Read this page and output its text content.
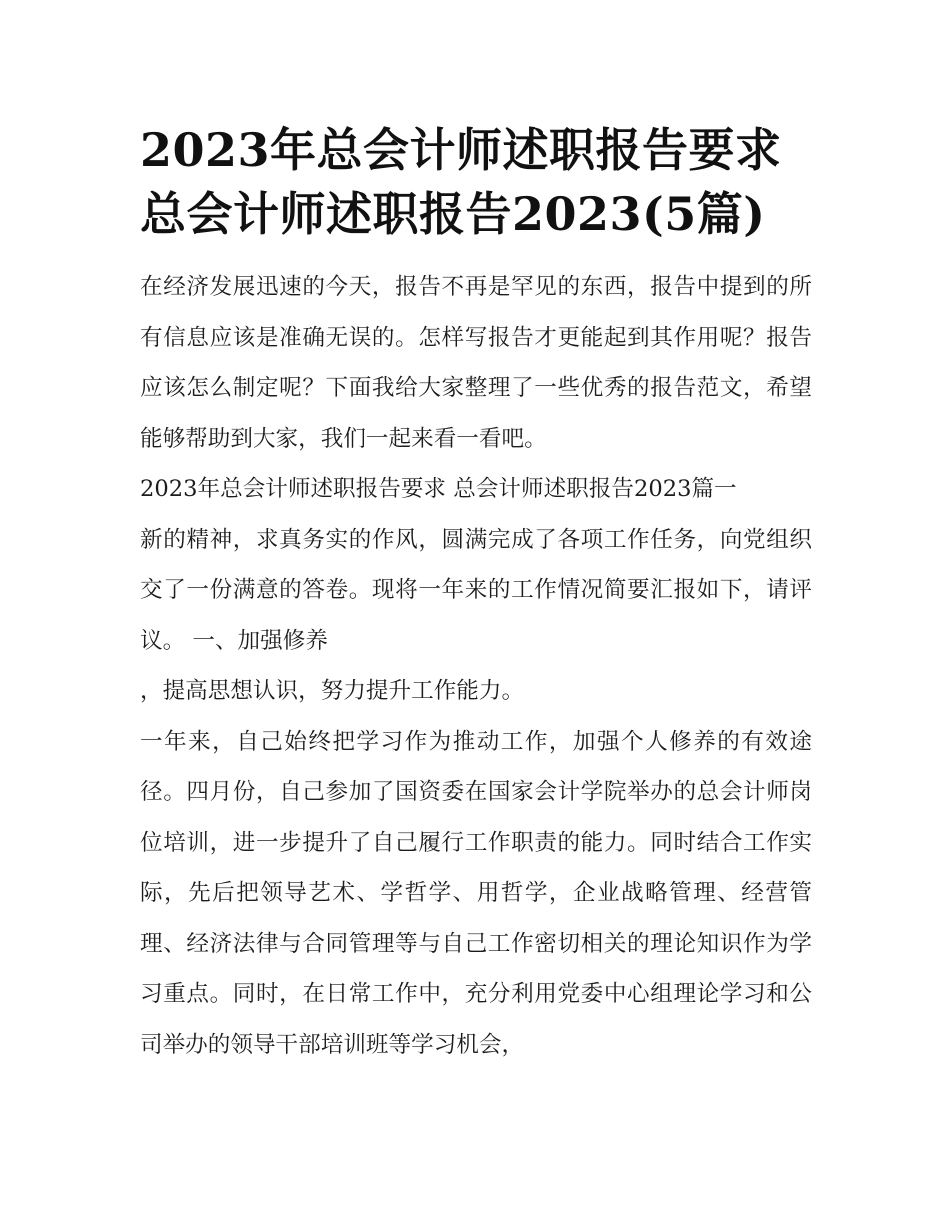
2023年总会计师述职报告要求
总会计师述职报告2023(5篇)

在经济发展迅速的今天，报告不再是罕见的东西，报告中提到的所有信息应该是准确无误的。怎样写报告才更能起到其作用呢？报告应该怎么制定呢？下面我给大家整理了一些优秀的报告范文，希望能够帮助到大家，我们一起来看一看吧。

2023年总会计师述职报告要求 总会计师述职报告2023篇一

新的精神，求真务实的作风，圆满完成了各项工作任务，向党组织交了一份满意的答卷。现将一年来的工作情况简要汇报如下，请评议。 一、加强修养

，提高思想认识，努力提升工作能力。

一年来，自己始终把学习作为推动工作，加强个人修养的有效途径。四月份，自己参加了国资委在国家会计学院举办的总会计师岗位培训，进一步提升了自己履行工作职责的能力。同时结合工作实际，先后把领导艺术、学哲学、用哲学，企业战略管理、经营管理、经济法律与合同管理等与自己工作密切相关的理论知识作为学习重点。同时，在日常工作中，充分利用党委中心组理论学习和公司举办的领导干部培训班等学习机会，
